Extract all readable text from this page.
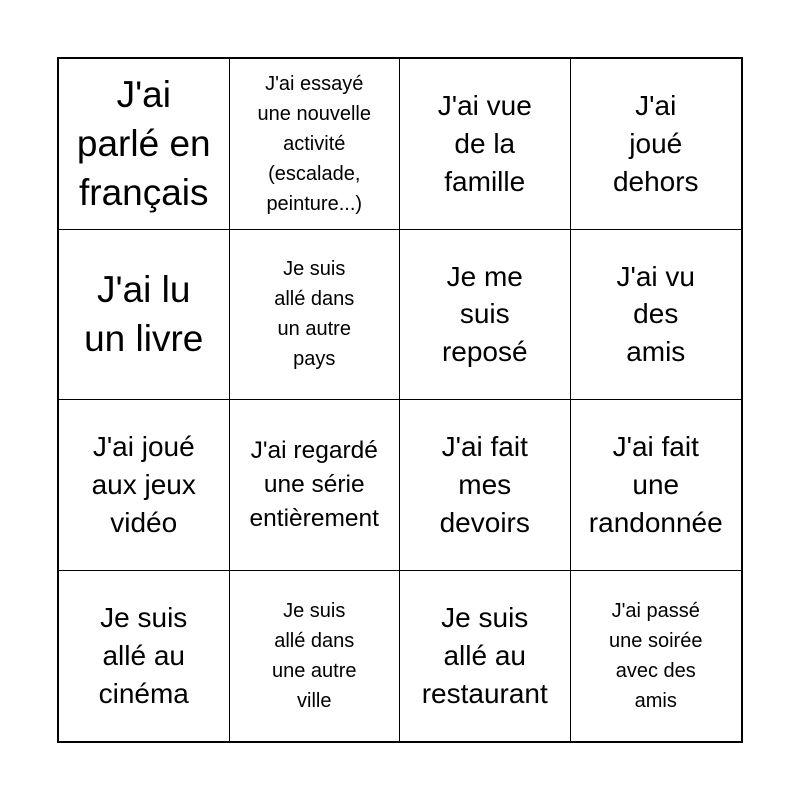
J'ai
parlé en
français
J'ai essayé
une nouvelle
activité
(escalade,
peinture...)
J'ai vue
de la
famille
J'ai
joué
dehors
J'ai lu
un livre
Je suis
allé dans
un autre
pays
Je me
suis
reposé
J'ai vu
des
amis
J'ai joué
aux jeux
vidéo
J'ai regardé
une série
entièrement
J'ai fait
mes
devoirs
J'ai fait
une
randonnée
Je suis
allé au
cinéma
Je suis
allé dans
une autre
ville
Je suis
allé au
restaurant
J'ai passé
une soirée
avec des
amis
